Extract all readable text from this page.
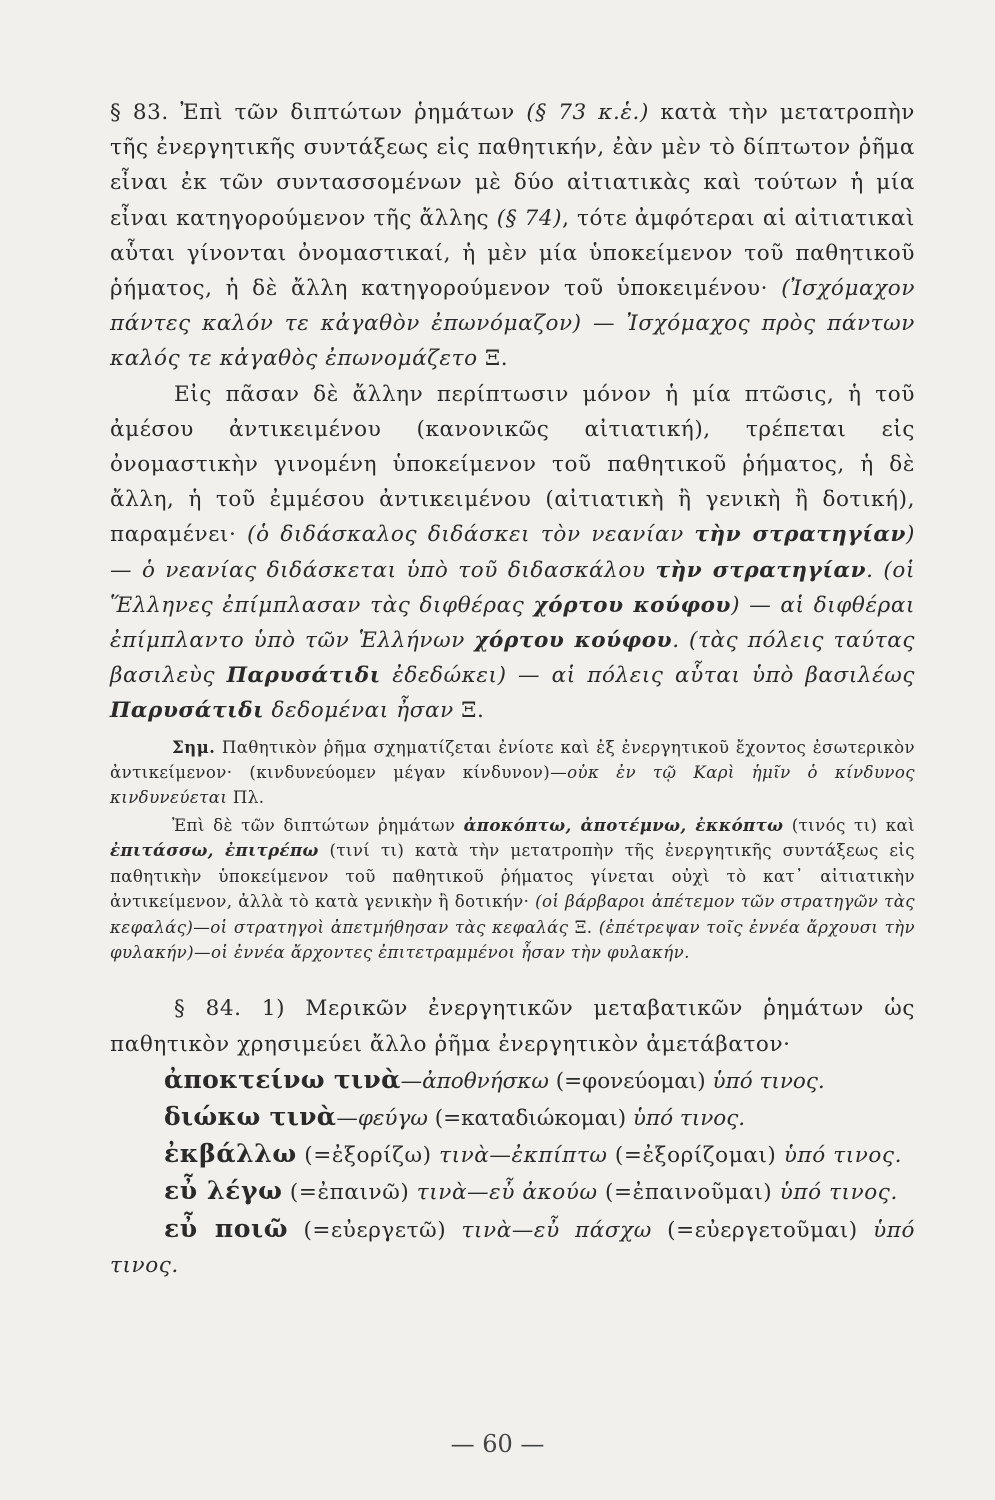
§ 83. Ἐπὶ τῶν διπτώτων ῥημάτων (§ 73 κ.ἑ.) κατὰ τὴν μετατροπὴν τῆς ἐνεργητικῆς συντάξεως εἰς παθητικήν, ἐὰν μὲν τὸ δίπτωτον ῥῆμα εἶναι ἐκ τῶν συντασσομένων μὲ δύο αἰτιατικὰς καὶ τούτων ἡ μία εἶναι κατηγορούμενον τῆς ἄλλης (§ 74), τότε ἀμφότεραι αἱ αἰτιατικαὶ αὗται γίνονται ὀνομαστικαί, ἡ μὲν μία ὑποκείμενον τοῦ παθητικοῦ ῥήματος, ἡ δὲ ἄλλη κατηγορούμενον τοῦ ὑποκειμένου· (Ἰσχόμαχον πάντες καλόν τε κἀγαθὸν ἐπωνόμαζον) — Ἰσχόμαχος πρὸς πάντων καλός τε κἀγαθὸς ἐπωνομάζετο Ξ.

Εἰς πᾶσαν δὲ ἄλλην περίπτωσιν μόνον ἡ μία πτῶσις, ἡ τοῦ ἀμέσου ἀντικειμένου (κανονικῶς αἰτιατική), τρέπεται εἰς ὀνομαστικὴν γινομένη ὑποκείμενον τοῦ παθητικοῦ ῥήματος, ἡ δὲ ἄλλη, ἡ τοῦ ἐμμέσου ἀντικειμένου (αἰτιατικὴ ἢ γενικὴ ἢ δοτική), παραμένει· (ὁ διδάσκαλος διδάσκει τὸν νεανίαν τὴν στρατηγίαν) — ὁ νεανίας διδάσκεται ὑπὸ τοῦ διδασκάλου τὴν στρατηγίαν. (οἱ Ἕλληνες ἐπίμπλασαν τὰς διφθέρας χόρτου κούφου) — αἱ διφθέραι ἐπίμπλαντο ὑπὸ τῶν Ἑλλήνων χόρτου κούφου. (τὰς πόλεις ταύτας βασιλεὺς Παρυσάτιδι ἐδεδώκει) — αἱ πόλεις αὗται ὑπὸ βασιλέως Παρυσάτιδι δεδομέναι ἦσαν Ξ.

Σημ. Παθητικὸν ῥῆμα σχηματίζεται ἐνίοτε καὶ ἐξ ἐνεργητικοῦ ἔχοντος ἐσωτερικὸν ἀντικείμενον· (κινδυνεύομεν μέγαν κίνδυνον)—οὐκ ἐν τῷ Καρὶ ἡμῖν ὁ κίνδυνος κινδυνεύεται Πλ.

Ἐπὶ δὲ τῶν διπτώτων ῥημάτων ἀποκόπτω, ἀποτέμνω, ἐκκόπτω (τινός τι) καὶ ἐπιτάσσω, ἐπιτρέπω (τινί τι) κατὰ τὴν μετατροπὴν τῆς ἐνεργητικῆς συντάξεως εἰς παθητικὴν ὑποκείμενον τοῦ παθητικοῦ ῥήματος γίνεται οὐχὶ τὸ κατ᾽ αἰτιατικὴν ἀντικείμενον, ἀλλὰ τὸ κατὰ γενικὴν ἢ δοτικήν· (οἱ βάρβαροι ἀπέτεμον τῶν στρατηγῶν τὰς κεφαλάς)—οἱ στρατηγοὶ ἀπετμήθησαν τὰς κεφαλάς Ξ. (ἐπέτρεψαν τοῖς ἐννέα ἄρχουσι τὴν φυλακήν)—οἱ ἐννέα ἄρχοντες ἐπιτετραμμένοι ἦσαν τὴν φυλακήν.

§ 84. 1) Μερικῶν ἐνεργητικῶν μεταβατικῶν ῥημάτων ὡς παθητικὸν χρησιμεύει ἄλλο ῥῆμα ἐνεργητικὸν ἀμετάβατον·

ἀποκτείνω τινὰ—ἀποθνήσκω (=φονεύομαι) ὑπό τινος.

διώκω τινὰ—φεύγω (=καταδιώκομαι) ὑπό τινος.

ἐκβάλλω (=ἐξορίζω) τινὰ—ἐκπίπτω (=ἐξορίζομαι) ὑπό τινος.

εὖ λέγω (=ἐπαινῶ) τινὰ—εὖ ἀκούω (=ἐπαινοῦμαι) ὑπό τινος.

εὖ ποιῶ (=εὐεργετῶ) τινὰ—εὖ πάσχω (=εὐεργετοῦμαι) ὑπό τινος.

— 60 —
